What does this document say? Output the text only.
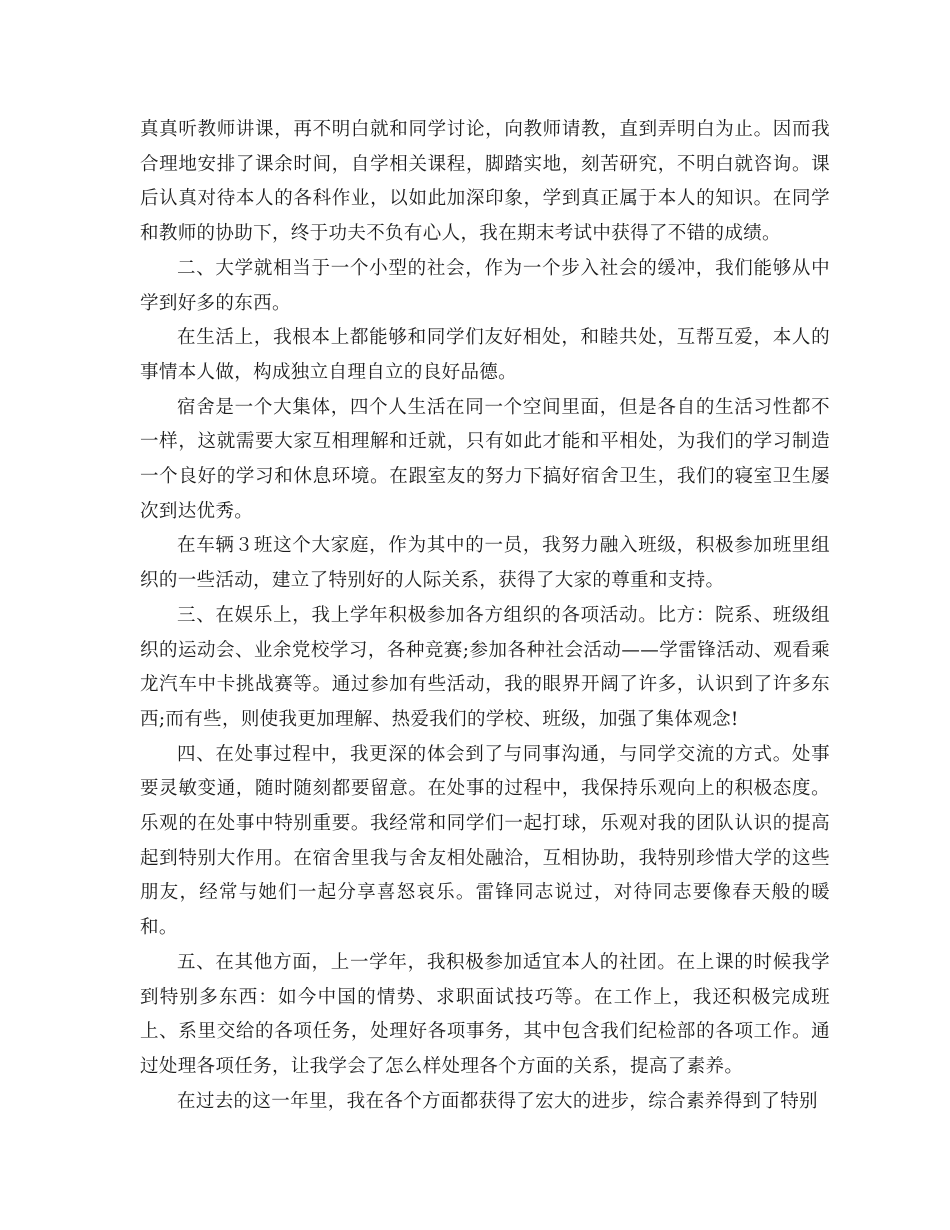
真真听教师讲课，再不明白就和同学讨论，向教师请教，直到弄明白为止。因而我合理地安排了课余时间，自学相关课程，脚踏实地，刻苦研究，不明白就咨询。课后认真对待本人的各科作业，以如此加深印象，学到真正属于本人的知识。在同学和教师的协助下，终于功夫不负有心人，我在期末考试中获得了不错的成绩。

二、大学就相当于一个小型的社会，作为一个步入社会的缓冲，我们能够从中学到好多的东西。

在生活上，我根本上都能够和同学们友好相处，和睦共处，互帮互爱，本人的事情本人做，构成独立自理自立的良好品德。

宿舍是一个大集体，四个人生活在同一个空间里面，但是各自的生活习性都不一样，这就需要大家互相理解和迁就，只有如此才能和平相处，为我们的学习制造一个良好的学习和休息环境。在跟室友的努力下搞好宿舍卫生，我们的寝室卫生屡次到达优秀。

在车辆３班这个大家庭，作为其中的一员，我努力融入班级，积极参加班里组织的一些活动，建立了特别好的人际关系，获得了大家的尊重和支持。

三、在娱乐上，我上学年积极参加各方组织的各项活动。比方：院系、班级组织的运动会、业余党校学习，各种竞赛;参加各种社会活动——学雷锋活动、观看乘龙汽车中卡挑战赛等。通过参加有些活动，我的眼界开阔了许多，认识到了许多东西;而有些，则使我更加理解、热爱我们的学校、班级，加强了集体观念!

四、在处事过程中，我更深的体会到了与同事沟通，与同学交流的方式。处事要灵敏变通，随时随刻都要留意。在处事的过程中，我保持乐观向上的积极态度。乐观的在处事中特别重要。我经常和同学们一起打球，乐观对我的团队认识的提高起到特别大作用。在宿舍里我与舍友相处融洽，互相协助，我特别珍惜大学的这些朋友，经常与她们一起分享喜怒哀乐。雷锋同志说过，对待同志要像春天般的暖和。

五、在其他方面，上一学年，我积极参加适宜本人的社团。在上课的时候我学到特别多东西：如今中国的情势、求职面试技巧等。在工作上，我还积极完成班上、系里交给的各项任务，处理好各项事务，其中包含我们纪检部的各项工作。通过处理各项任务，让我学会了怎么样处理各个方面的关系，提高了素养。

在过去的这一年里，我在各个方面都获得了宏大的进步，综合素养得到了特别
